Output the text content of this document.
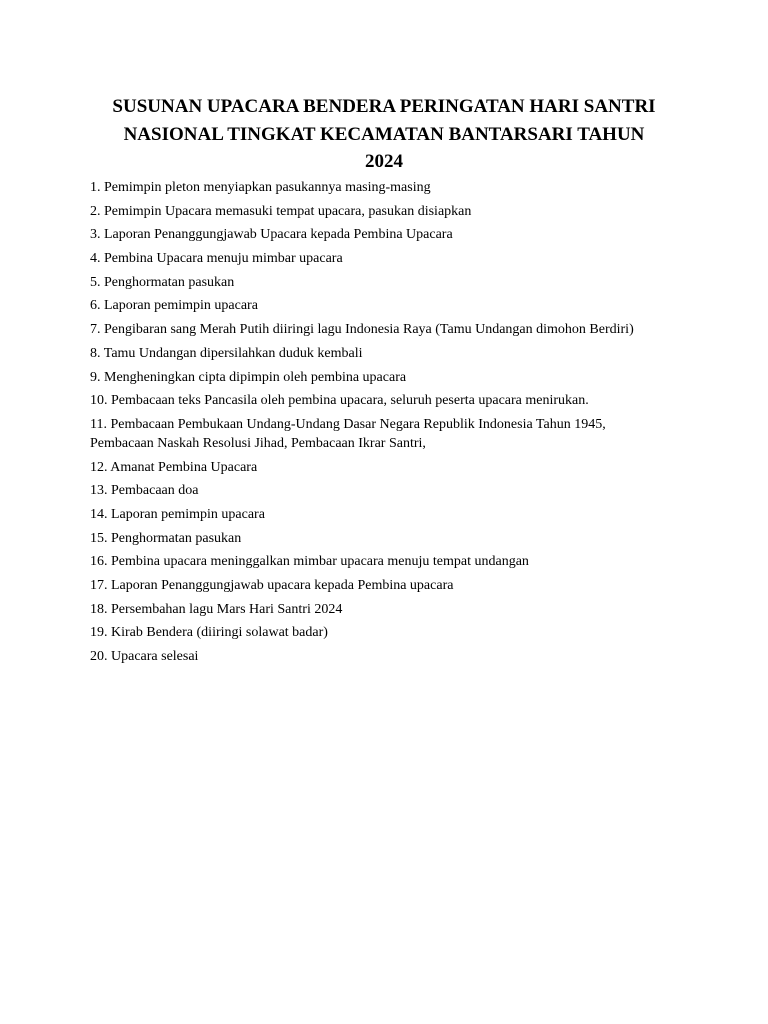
SUSUNAN UPACARA BENDERA PERINGATAN HARI SANTRI
NASIONAL TINGKAT KECAMATAN BANTARSARI TAHUN
2024
1. Pemimpin pleton menyiapkan pasukannya masing-masing
2. Pemimpin Upacara memasuki tempat upacara, pasukan disiapkan
3. Laporan Penanggungjawab Upacara kepada Pembina Upacara
4. Pembina Upacara menuju mimbar upacara
5. Penghormatan pasukan
6. Laporan pemimpin upacara
7. Pengibaran sang Merah Putih diiringi lagu Indonesia Raya (Tamu Undangan dimohon Berdiri)
8. Tamu Undangan dipersilahkan duduk kembali
9. Mengheningkan cipta dipimpin oleh pembina upacara
10. Pembacaan teks Pancasila oleh pembina upacara, seluruh peserta upacara menirukan.
11. Pembacaan Pembukaan Undang-Undang Dasar Negara Republik Indonesia Tahun 1945,
Pembacaan Naskah Resolusi Jihad, Pembacaan Ikrar Santri,
12. Amanat Pembina Upacara
13. Pembacaan doa
14. Laporan pemimpin upacara
15. Penghormatan pasukan
16. Pembina upacara meninggalkan mimbar upacara menuju tempat undangan
17. Laporan Penanggungjawab upacara kepada Pembina upacara
18. Persembahan lagu Mars Hari Santri 2024
19. Kirab Bendera (diiringi solawat badar)
20. Upacara selesai
